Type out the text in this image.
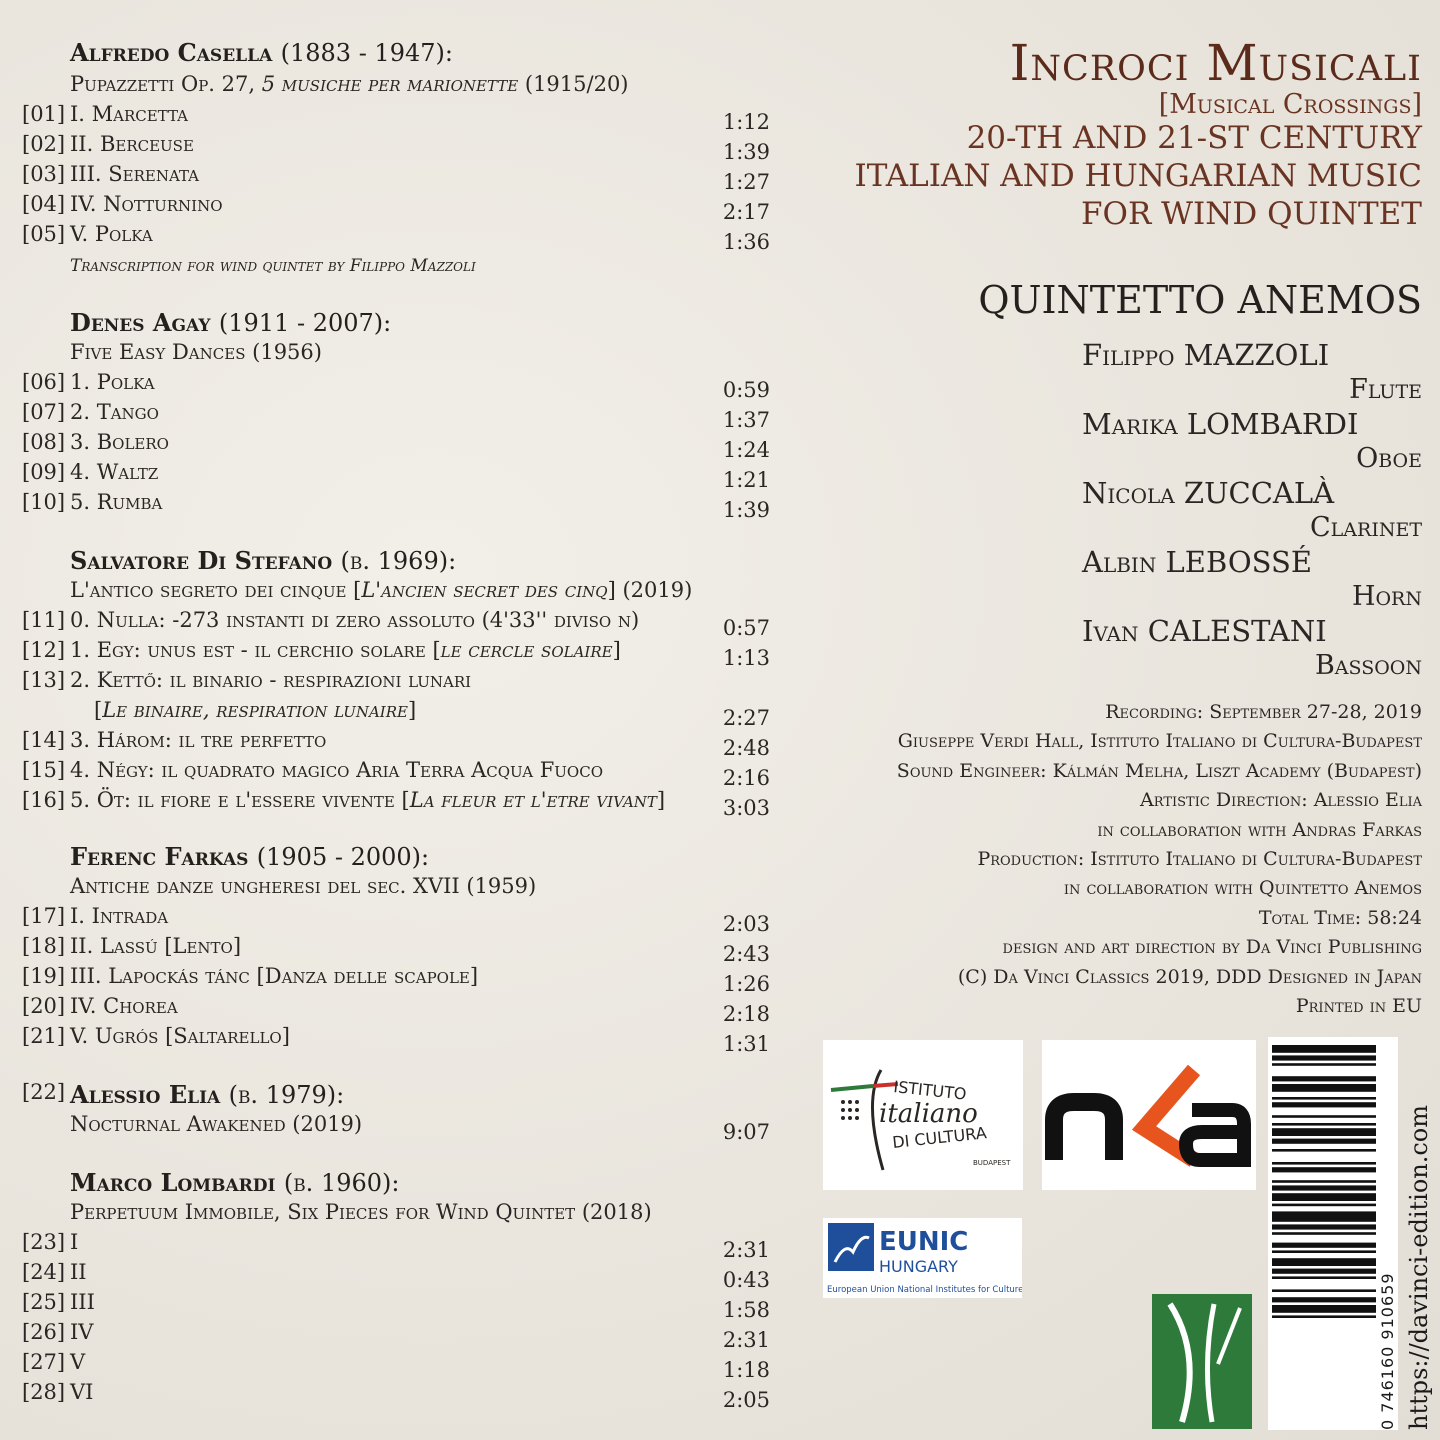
Alfredo Casella (1883 - 1947):
Pupazzetti Op. 27, 5 musiche per marionette (1915/20)
[01] I. Marcetta	1:12
[02] II. Berceuse	1:39
[03] III. Serenata	1:27
[04] IV. Notturnino	2:17
[05] V. Polka	1:36
Transcription for wind quintet by Filippo Mazzoli
Denes Agay (1911 - 2007):
Five Easy Dances (1956)
[06] 1. Polka	0:59
[07] 2. Tango	1:37
[08] 3. Bolero	1:24
[09] 4. Waltz	1:21
[10] 5. Rumba	1:39
Salvatore Di Stefano (b. 1969):
L'antico segreto dei cinque [L'ancien secret des cinq] (2019)
[11] 0. Nulla: -273 instanti di zero assoluto (4'33'' diviso n)	0:57
[12] 1. Egy: unus est - il cerchio solare [le cercle solaire]	1:13
[13] 2. Kettő: il binario - respirazioni lunari
[Le binaire, respiration lunaire]	2:27
[14] 3. Három: il tre perfetto	2:48
[15] 4. Négy: il quadrato magico Aria Terra Acqua Fuoco	2:16
[16] 5. Öt: il fiore e l'essere vivente [La fleur et l'etre vivant]	3:03
Ferenc Farkas (1905 - 2000):
Antiche danze ungheresi del sec. XVII (1959)
[17] I. Intrada	2:03
[18] II. Lassú [Lento]	2:43
[19] III. Lapockás tánc [Danza delle scapole]	1:26
[20] IV. Chorea	2:18
[21] V. Ugrós [Saltarello]	1:31
[22] Alessio Elia (b. 1979):
Nocturnal Awakened (2019)	9:07
Marco Lombardi (b. 1960):
Perpetuum Immobile, Six Pieces for Wind Quintet (2018)
[23] I	2:31
[24] II	0:43
[25] III	1:58
[26] IV	2:31
[27] V	1:18
[28] VI	2:05
Incroci Musicali
[Musical Crossings]
20-TH AND 21-ST CENTURY
ITALIAN AND HUNGARIAN MUSIC
FOR WIND QUINTET
QUINTETTO ANEMOS
Filippo MAZZOLI
Flute
Marika LOMBARDI
Oboe
Nicola ZUCCALÀ
Clarinet
Albin LEBOSSÉ
Horn
Ivan CALESTANI
Bassoon
Recording: September 27-28, 2019
Giuseppe Verdi Hall, Istituto Italiano di Cultura-Budapest
Sound Engineer: Kálmán Melha, Liszt Academy (Budapest)
Artistic Direction: Alessio Elia
in collaboration with Andras Farkas
Production: Istituto Italiano di Cultura-Budapest
in collaboration with Quintetto Anemos
Total Time: 58:24
design and art direction by Da Vinci Publishing
(C) Da Vinci Classics 2019, DDD Designed in Japan
Printed in EU
ISTITUTO
italiano
DI CULTURA
BUDAPEST
EUNIC
HUNGARY
European Union National Institutes for Culture	0 746160 910659 https://davinci-edition.com
